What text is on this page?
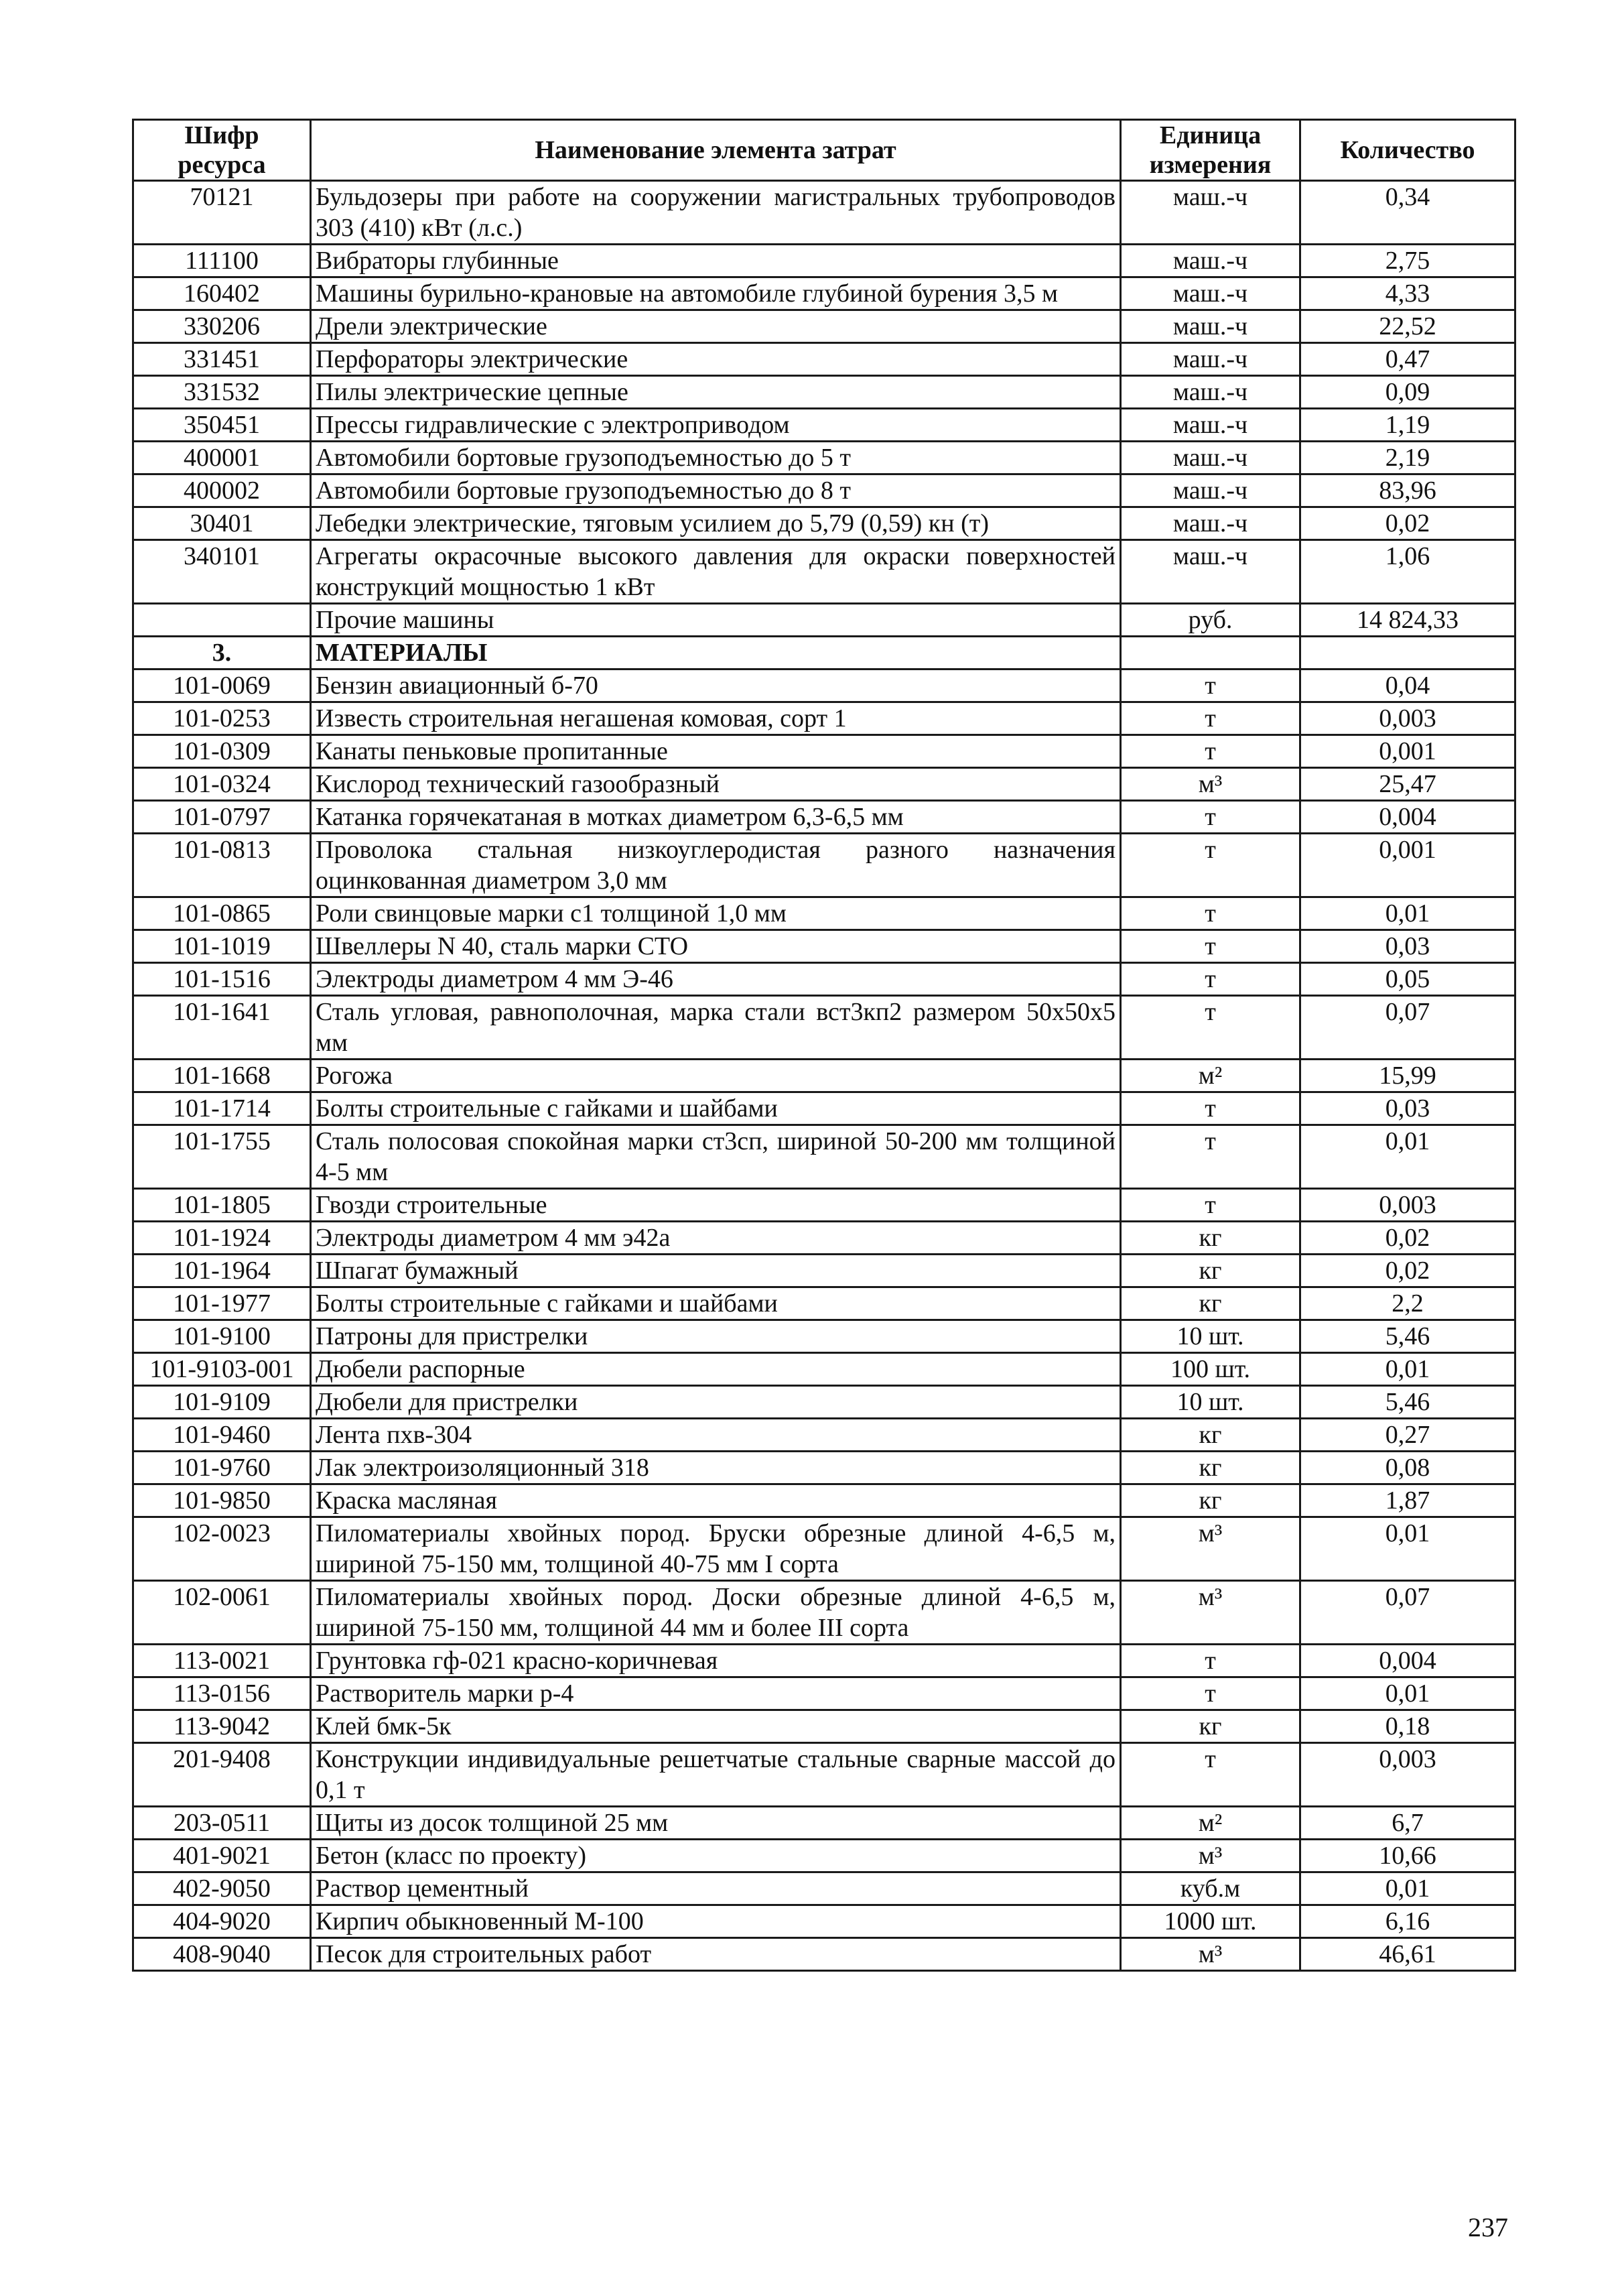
Шифр ресурса	Наименование элемента затрат	Единица измерения	Количество
70121	Бульдозеры при работе на сооружении магистральных трубопроводов 303 (410) кВт (л.с.)	маш.-ч	0,34
111100	Вибраторы глубинные	маш.-ч	2,75
160402	Машины бурильно-крановые на автомобиле глубиной бурения 3,5 м	маш.-ч	4,33
330206	Дрели электрические	маш.-ч	22,52
331451	Перфораторы электрические	маш.-ч	0,47
331532	Пилы электрические цепные	маш.-ч	0,09
350451	Прессы гидравлические с электроприводом	маш.-ч	1,19
400001	Автомобили бортовые грузоподъемностью до 5 т	маш.-ч	2,19
400002	Автомобили бортовые грузоподъемностью до 8 т	маш.-ч	83,96
30401	Лебедки электрические, тяговым усилием до 5,79 (0,59) кн (т)	маш.-ч	0,02
340101	Агрегаты окрасочные высокого давления для окраски поверхностей конструкций мощностью 1 кВт	маш.-ч	1,06
	Прочие машины	руб.	14 824,33
3.	МАТЕРИАЛЫ		
101-0069	Бензин авиационный б-70	т	0,04
101-0253	Известь строительная негашеная комовая, сорт 1	т	0,003
101-0309	Канаты пеньковые пропитанные	т	0,001
101-0324	Кислород технический газообразный	м³	25,47
101-0797	Катанка горячекатаная в мотках диаметром 6,3-6,5 мм	т	0,004
101-0813	Проволока стальная низкоуглеродистая разного назначения оцинкованная диаметром 3,0 мм	т	0,001
101-0865	Роли свинцовые марки с1 толщиной 1,0 мм	т	0,01
101-1019	Швеллеры N 40, сталь марки СТО	т	0,03
101-1516	Электроды диаметром 4 мм Э-46	т	0,05
101-1641	Сталь угловая, равнополочная, марка стали вст3кп2 размером 50х50х5 мм	т	0,07
101-1668	Рогожа	м²	15,99
101-1714	Болты строительные с гайками и шайбами	т	0,03
101-1755	Сталь полосовая спокойная марки ст3сп, шириной 50-200 мм толщиной 4-5 мм	т	0,01
101-1805	Гвозди строительные	т	0,003
101-1924	Электроды диаметром 4 мм э42а	кг	0,02
101-1964	Шпагат бумажный	кг	0,02
101-1977	Болты строительные с гайками и шайбами	кг	2,2
101-9100	Патроны для пристрелки	10 шт.	5,46
101-9103-001	Дюбели распорные	100 шт.	0,01
101-9109	Дюбели для пристрелки	10 шт.	5,46
101-9460	Лента пхв-304	кг	0,27
101-9760	Лак электроизоляционный 318	кг	0,08
101-9850	Краска масляная	кг	1,87
102-0023	Пиломатериалы хвойных пород. Бруски обрезные длиной 4-6,5 м, шириной 75-150 мм, толщиной 40-75 мм I сорта	м³	0,01
102-0061	Пиломатериалы хвойных пород. Доски обрезные длиной 4-6,5 м, шириной 75-150 мм, толщиной 44 мм и более III сорта	м³	0,07
113-0021	Грунтовка гф-021 красно-коричневая	т	0,004
113-0156	Растворитель марки р-4	т	0,01
113-9042	Клей бмк-5к	кг	0,18
201-9408	Конструкции индивидуальные решетчатые стальные сварные массой до 0,1 т	т	0,003
203-0511	Щиты из досок толщиной 25 мм	м²	6,7
401-9021	Бетон (класс по проекту)	м³	10,66
402-9050	Раствор цементный	куб.м	0,01
404-9020	Кирпич обыкновенный М-100	1000 шт.	6,16
408-9040	Песок для строительных работ	м³	46,61
237
